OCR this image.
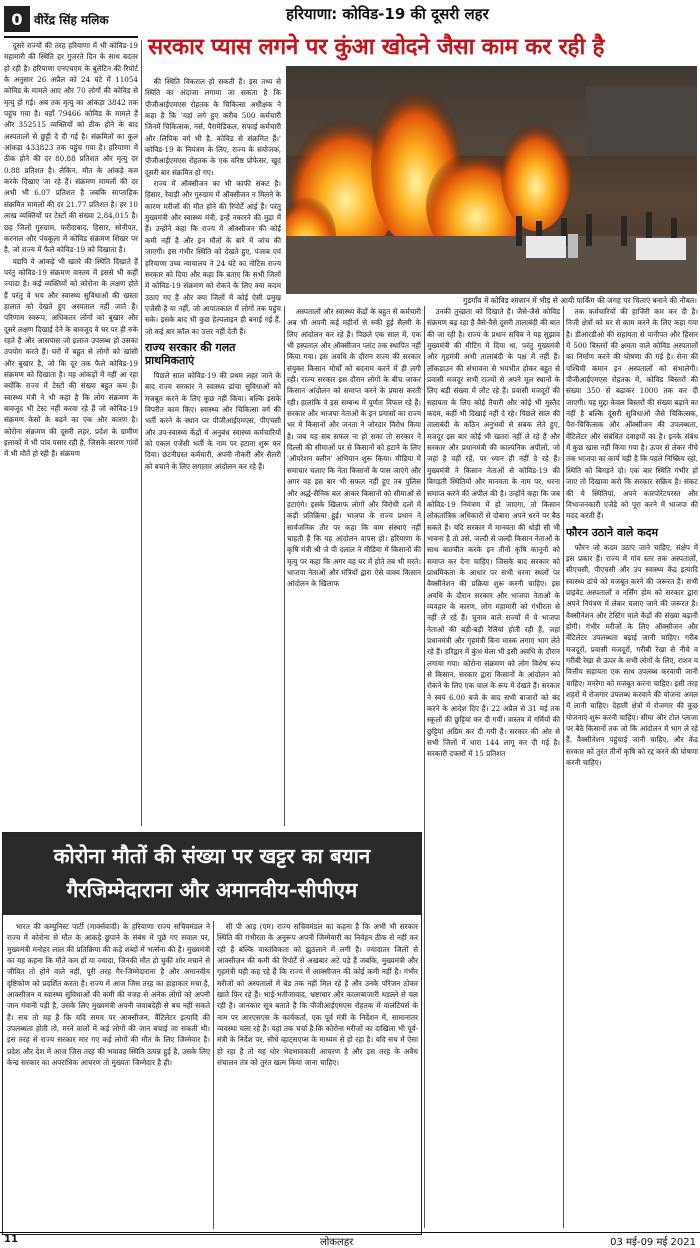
0 वीरेंद्र सिंह मलिक	हरियाणा: कोविड-19 की दूसरी लहर
सरकार प्यास लगने पर कुंआ खोदने जैसा काम कर रही है
गुडगाँव में कोविड श्मशान में भीड़ से आयी पार्किंग की जगह पर चिताएं बनाने की नौबत।

दूसरे राज्यों की तरह हरियाणा में भी कोविड-19 महामारी की स्थिति हर गुजरते दिन के साथ बदतर हो रही है। हरियाणा एनएचएम के बुलेटिन की रिपोर्ट के अनुसार 26 अप्रैल को 24 घंटे में 11054 कोविड के मामले आए और 70 लोगों की कोविड से मृत्यु हो गई। अब तक मृत्यु का आंकड़ा 3842 तक पहुंच गया है। यहाँ 79466 कोविड के मामले हैं और 352515 व्यक्तियों को ठीक होने के बाद अस्पतालों से छुट्टी दे दी गई है। संक्रमितों का कुल आंकड़ा 433823 तक पहुंच गया है। हरियाणा में ठीक होने की दर 80.88 प्रतिशत और मृत्यु दर 0.88 प्रतिशत है। लेकिन, मौत के आंकड़े कम करके दिखाए जा रहे हैं। संक्रमण मामलों की दर अभी भी 6.07 प्रतिशत है जबकि साप्ताहिक संक्रमित मामलों की दर 21.77 प्रतिशत है। हर 10 लाख व्यक्तियों पर टेस्टों की संख्या 2,84,015 है। छह जिलों गुरुग्राम, फरीदाबाद, हिसार, सोनीपत, करनाल और पंचकूला में कोविड संक्रमण शिखर पर है, जो राज्य में फैले कोविड-19 को दिखाता है।

यद्यपि ये आंकड़े भी खतरे की स्थिति दिखाते हैं परंतु कोविड-19 संक्रमण वास्तव में इससे भी कहीं ज्यादा है। कई व्यक्तियों को कोरोना के लक्षण होते हैं परंतु वे भय और स्वास्थ्य सुविधाओं की खस्ता हालात को देखते हुए अस्पताल नहीं जाते हैं। परिणाम स्वरूप, अधिकतर लोगों को बुखार और दूसरे लक्षण दिखाई देने के बावजूद वे घर पर ही रुके रहते हैं और आसपास जो इलाज उपलब्ध हो उसका उपयोग करते हैं। घरों में बहुत से लोगों को खांसी और बुखार है, जो कि दूर तक फैले कोविड-19 संक्रमण को दिखाता है। यह आंकड़ों में नहीं आ रहा क्योंकि राज्य में टेस्टों की संख्या बहुत कम है। स्वास्थ्य मंत्री ने भी कहा है कि लोग संक्रमण के बावजूद भी टेस्ट नहीं करवा रहे हैं जो कोविड-19 संक्रमण केसों के बढ़ने का एक और कारण है। कोरोना संक्रमण की दूसरी लहर, प्रदेश के ग्रामीण इलाकों में भी पांव पसार रही है, जिसके कारण गांवों में भी मौतें हो रही हैं। संक्रमण

की स्थिति विकराल हो सकती है। इस तथ्य से स्थिति का अंदाजा लगाया जा सकता है कि पीजीआईएमएस रोहतक के चिकित्सा अधीक्षक ने कहा है कि 'यहां लगे हुए करीब 500 कर्मचारी जिनमें चिकित्सक, नर्स, पैरामेडिकल, सफाई कर्मचारी और लिपिक वर्ग भी है, कोविड से संक्रमित हैं।' कोविड-19 के नियंत्रण के लिए, राज्य के संयोजक, पीजीआईएमएस रोहतक के एक वरिष्ठ प्रोफेसर, खुद दूसरी बार संक्रमित हो गए।

राज्य में ऑक्सीजन का भी काफी संकट है। हिसार, रेवाड़ी और गुरुग्राम में ऑक्सीजन न मिलने के कारण मरीजों की मौत होने की रिपोर्टें आई हैं। परंतु मुख्यमंत्री और स्वास्थ्य मंत्री, इन्हें नकारने की मुद्रा में हैं। उन्होंने कहा कि राज्य में ऑक्सीजन की कोई कमी नहीं है और इन मौतों के बारे में जांच की जाएगी। इस गंभीर स्थिति को देखते हुए, पंजाब एवं हरियाणा उच्च न्यायालय ने 24 घंटे का नोटिस राज्य सरकार को दिया और कहा कि बताए कि सभी जिलों में कोविड-19 संक्रमण को रोकने के लिए क्या कदम उठाए गए हैं और क्या जिलों में कोई ऐसी प्रमुख एजेंसी है या नहीं, जो आपातकाल में लोगों तक पहुंच सके। इसके बाद भी कुछ हेल्पलाइन ही बनाई गई हैं, जो कई बार कॉल का उत्तर नहीं देती हैं।

राज्य सरकार की गलत प्राथमिकताएं

पिछले साल कोविड-19 की प्रथम लहर जाने के बाद राज्य सरकार ने स्वास्थ्य ढांचा सुविधाओं को मजबूत करने के लिए कुछ नहीं किया। बल्कि इसके विपरीत काम किए। स्वास्थ्य और चिकित्सा वर्ग की भर्ती करने के स्थान पर पीजीआईएमएस, पीएचसी और उप-स्वास्थ्य केंद्रों में अनुबंध स्वास्थ्य कर्मचारियों को एकल एजेंसी भर्ती के नाम पर हटाना शुरू कर दिया। छंटनीग्रस्त कर्मचारी, अपनी नौकरी और सैलरी को बचाने के लिए लगातार आंदोलन कर रहे हैं।

अस्पतालों और स्वास्थ्य केंद्रों के बहुत से कर्मचारी अब भी अपनी कई महीनों से रुकी हुई सैलरी के लिए आंदोलन कर रहे हैं। पिछले एक साल में, एक भी हस्पताल और ऑक्सीजन प्लांट तक स्थापित नहीं किया गया। इस अवधि के दौरान राज्य की सरकार संयुक्त किसान मोर्चों को बदनाम करने में ही लगी रही। राज्य सरकार इस दौरान लोगों के बीच जाकर किसान आंदोलन को समाप्त करने के प्रयास करती रही। हालांकि वे इस सम्बन्ध में पूर्णतः विफल रहे हैं। सरकार और भाजपा नेताओं के इन प्रयासों का राज्य भर में किसानों और जनता ने जोरदार विरोध किया है। जब यह सब सफल ना हो सका तो सरकार ने दिल्ली की सीमाओं पर से किसानों को हटाने के लिए 'ऑपरेशन क्लीन' अभियान शुरू किया। मीडिया में समाचार चलाए कि नेता किसानों के पास जाएंगे और अगर वह इस बार भी सफल नहीं हुए तब पुलिस और अर्द्ध-सैनिक बल आकर किसानों को सीमाओं से हटाएंगे। इसके खिलाफ लोगों और विरोधी दलों में कड़ी प्रतिक्रिया हुई। भाजपा के राज्य प्रधान ने सार्वजनिक तौर पर कहा कि वाम संस्थाएं नहीं चाहती हैं कि यह आंदोलन वापस हो। हरियाणा के कृषि मंत्री श्री जे पी दलाल ने मीडिया में किसानों की मृत्यु पर कहा कि अगर वह घर में होते तब भी मरते। भाजपा नेताओं और मंत्रियों द्वारा ऐसे वाक्य किसान आंदोलन के खिलाफ

उनकी तुच्छता को दिखाते हैं। जैसे-जैसे कोविड संक्रमण बढ़ रहा है वैसे-वैसे दूसरी तालाबंदी की बात की जा रही है। राज्य के प्रधान सचिव ने यह सुझाव मुख्यमंत्री की मीटिंग में दिया था, परंतु मुख्यमंत्री और गृहमंत्री अभी तालाबंदी के पक्ष में नहीं हैं। लॉकडाउन की संभावना से भयभीत होकर बहुत से प्रवासी मजदूर सभी राज्यों से अपने मूल स्थानों के लिए बड़ी संख्या में लौट रहे हैं। प्रवासी मजदूरों की सहायता के लिए कोई तैयारी और कोई भी मुस्तैद कदम, कहीं भी दिखाई नहीं दे रहे। पिछले साल की तालाबंदी के कठिन अनुभवों से सबक लेते हुए, मजदूर इस बार कोई भी खतरा नहीं ले रहे हैं और सरकार और प्रधानमंत्री की काल्पनिक अपीलों, जो जहां है वहीं रहें, पर ध्यान ही नहीं दे रहे हैं। मुख्यमंत्री ने किसान नेताओं से कोविड-19 की बिगड़ती स्थितियों और मानवता के नाम पर, धरना समाप्त करने की अपील की है। उन्होंने कहा कि जब कोविड-19 नियंत्रण में हो जाएगा, तो किसान लोकतांत्रिक अधिकारों से दोबारा अपने धरने पर बैठ सकते हैं। यदि सरकार में मानवता की थोड़ी सी भी भावना है तो उसे, जल्दी से जल्दी किसान नेताओं के साथ बातचीत करके इन तीनों कृषि कानूनों को समाप्त कर देना चाहिए। जिसके बाद सरकार को प्राथमिकता के आधार पर सभी धरना स्थलों पर वैक्सीनेशन की प्रक्रिया शुरू करनी चाहिए। इस अवधि के दौरान सरकार और भाजपा नेताओं के व्यवहार के कारण, लोग महामारी को गंभीरता से नहीं ले रहे हैं। चुनाव वाले राज्यों में ये भाजपा नेताओं की बड़ी-बड़ी रैलियां होती रही हैं, जहां प्रधानमंत्री और गृहमंत्री बिना मास्क लगाए भाग लेते रहे हैं। हरिद्वार में कुंभ मेला भी इसी अवधि के दौरान लगाया गया। कोरोना संक्रमण को लोग विशेष रूप से किसान, सरकार द्वारा किसानों के आंदोलन को रोकने के लिए एक चाल के रूप में देखते हैं। सरकार ने स्वयं 6.00 बजे के बाद सभी बाजारों को बंद करने के आदेश दिए हैं। 22 अप्रैल से 31 मई तक स्कूलों की छुट्टियां कर दी गयीं। वास्तव में गर्मियों की छुट्टियां अग्रिम कर दी गयी हैं। सरकार की ओर से सभी जिलों में धारा 144 लागू कर दी गई है। सरकारी दफ्तरों में 15 प्रतिशत

तक कर्मचारियों की हाजिरी कम कर दी है। निजी क्षेत्रों को घर से काम करने के लिए कहा गया है। डीआरडीओ की सहायता से पानीपत और हिसार में 500 बिस्तरों की क्षमता वाले कोविड अस्पतालों का निर्माण करने की घोषणा की गई है। सेना की पश्चिमी कमान इन अस्पतालों को संभालेगी। पीजीआईएमएस रोहतक में, कोविड बिस्तरों की संख्या 350 से बढ़ाकर 1000 तक कर दी जाएगी। यह मुद्दा केवल बिस्तरों की संख्या बढ़ाने का नहीं है बल्कि दूसरी सुविधाओं जैसे चिकित्सक, पैरा-चिकित्सक और ऑक्सीजन की उपलब्धता, वेंटिलेटर और संबंधित दवाइयों का है। इनके संबंध में कुछ खास नहीं किया गया है। ऊपर से लेकर नीचे तक भाजपा का कार्य यही है कि पहले निष्क्रिय रहो, स्थिति को बिगड़ने दो। एक बार स्थिति गंभीर हो जाए तो दिखावा करो कि सरकार सक्रिय है। संकट की ये स्थितियां, अपने कारपोरेटपरस्त और विभाजनकारी एजेंडे को पूरा करने में भाजपा की मदद करती हैं।

फौरन उठाने वाले कदम

फौरन जो कदम उठाए जाने चाहिए, संक्षेप में इस प्रकार हैं। राज्य में गांव स्तर तक अस्पतालों, सीएचसी, पीएचसी और उप स्वास्थ्य केंद्र इत्यादि स्वास्थ्य ढांचे को मजबूत करने की जरूरत है। सभी प्राइवेट अस्पतालों व नर्सिंग होम को सरकार द्वारा अपने नियंत्रण में लेकर चलाए जाने की जरूरत है। वैक्सीनेशन और टेस्टिंग वाले केंद्रों की संख्या बढ़ानी होगी। गंभीर मरीजों के लिए ऑक्सीजन और वेंटिलेटर उपलब्धता बढ़ाई जानी चाहिए। गरीब मजदूरों, प्रवासी मजदूरों, गरीबी रेखा से नीचे व गरीबी रेखा से ऊपर के सभी लोगों के लिए, राशन व वित्तीय सहायता एक साथ उपलब्ध करवायी जानी चाहिए। मनरेगा को मजबूत करना चाहिए। इसी तरह शहरों में रोजगार उपलब्ध करवाने की योजना अमल में लानी चाहिए। देहाती क्षेत्रों में रोजगार की कुछ योजनाएं शुरू करनी चाहिए। सीमा और टोल प्लाजा पर बैठे किसानों तक जो कि आंदोलन में भाग ले रहे हैं, वैक्सीनेशन पहुंचाई जानी चाहिए, और केंद्र सरकार को तुरंत तीनों कृषि को रद्द करने की घोषणा करनी चाहिए।

कोरोना मौतों की संख्या पर खट्टर का बयान गैरजिम्मेदाराना और अमानवीय-सीपीएम

भारत की कम्युनिस्ट पार्टी (मार्क्सवादी) के हरियाणा राज्य सचिवमंडल ने राज्य में कोरोना से मौत के आंकड़े छुपाने के संबंध में पूछे गए सवाल पर, मुख्यमंत्री मनोहर लाल की प्रतिक्रिया की कड़े शब्दों में भर्त्सना की है। मुख्यमंत्री का यह कहना कि मौते कम हों या ज्यादा, जिनकी मौत हो चुकी शोर मचाने से जीवित तो होने वाले नहीं, पूरी तरह गैर-जिम्मेदाराना है और अमानवीय दृष्टिकोण को प्रदर्शित करता है। राज्य में आज जिस तरह का हाहाकार मचा है, आक्सीजन व स्वास्थ्य सुविधाओं की कमी की वजह से अनेक लोगों को अपनी जान गंवानी पड़ी है, उसके लिए मुख्यमंत्री अपनी जवाबदेही से बच नहीं सकते हैं। सच तो यह है कि यदि समय पर आक्सीजन, वैंटिलेटर इत्यादि की उपलब्धता होती तो, मरने वालों में कई लोगों की जान बचाई जा सकती थी। इस तरह से राज्य सरकार मार गए कई लोगों की मौत के लिए जिम्मेवार है। प्रदेश और देश में आज जिस तरह की भयावह स्थिति उत्पन्न हुई है, उसके लिए केन्द्र सरकार का अपराधिक आचरण तो मुख्यतः जिम्मेदार है ही।

सी पी आइ (एम) राज्य सचिवमंडल का कहना है कि अभी भी सरकार स्थिति की गंभीरता के अनुरूप अपनी जिम्मेवारी का निर्वहन ठीक से नहीं कर रही है बल्कि वास्तविकता को झुठलाने में लगी है। ज्यादातर जिलों से आक्सीजन की कमी की रिपोर्टें से अखबार अटे पड़े हैं जबकि, मुख्यमंत्री और गृहमंत्री यही कह रहे हैं कि राज्य में आक्सीजन की कोई कमी नहीं है। गंभीर मरीजों को अस्पतालों में बेड तक नहीं मिल रहे हैं और उनके परिजन ठोकर खाते फिर रहे हैं। भाई-भतीजावाद, भ्रष्टाचार और कालाबाजारी धड़ल्ले से चल रही है। जानकार सूत्र बताते हैं कि पीजीआईएमएस रोहतक में वालंटियर्स के नाम पर आरएसएस के कार्यकर्ता, एक पूर्व मंत्री के निर्देशन में, सामानांतर व्यवस्था चला रहे हैं। यहां तक चर्चा है कि कोरोना मरीजों का दाखिला भी पूर्व-मंत्री के निर्देश पर, सीधे व्हाट्सएप्स के माध्यम से हो रहा है। यदि सच में ऐसा हो रहा है तो यह घोर भेदभावकारी आचरण है और इस तरह के अवैध संचालन तंत्र को तुरंत खत्म किया जाना चाहिए।

11	लोकलहर	03 मई-09 मई 2021
